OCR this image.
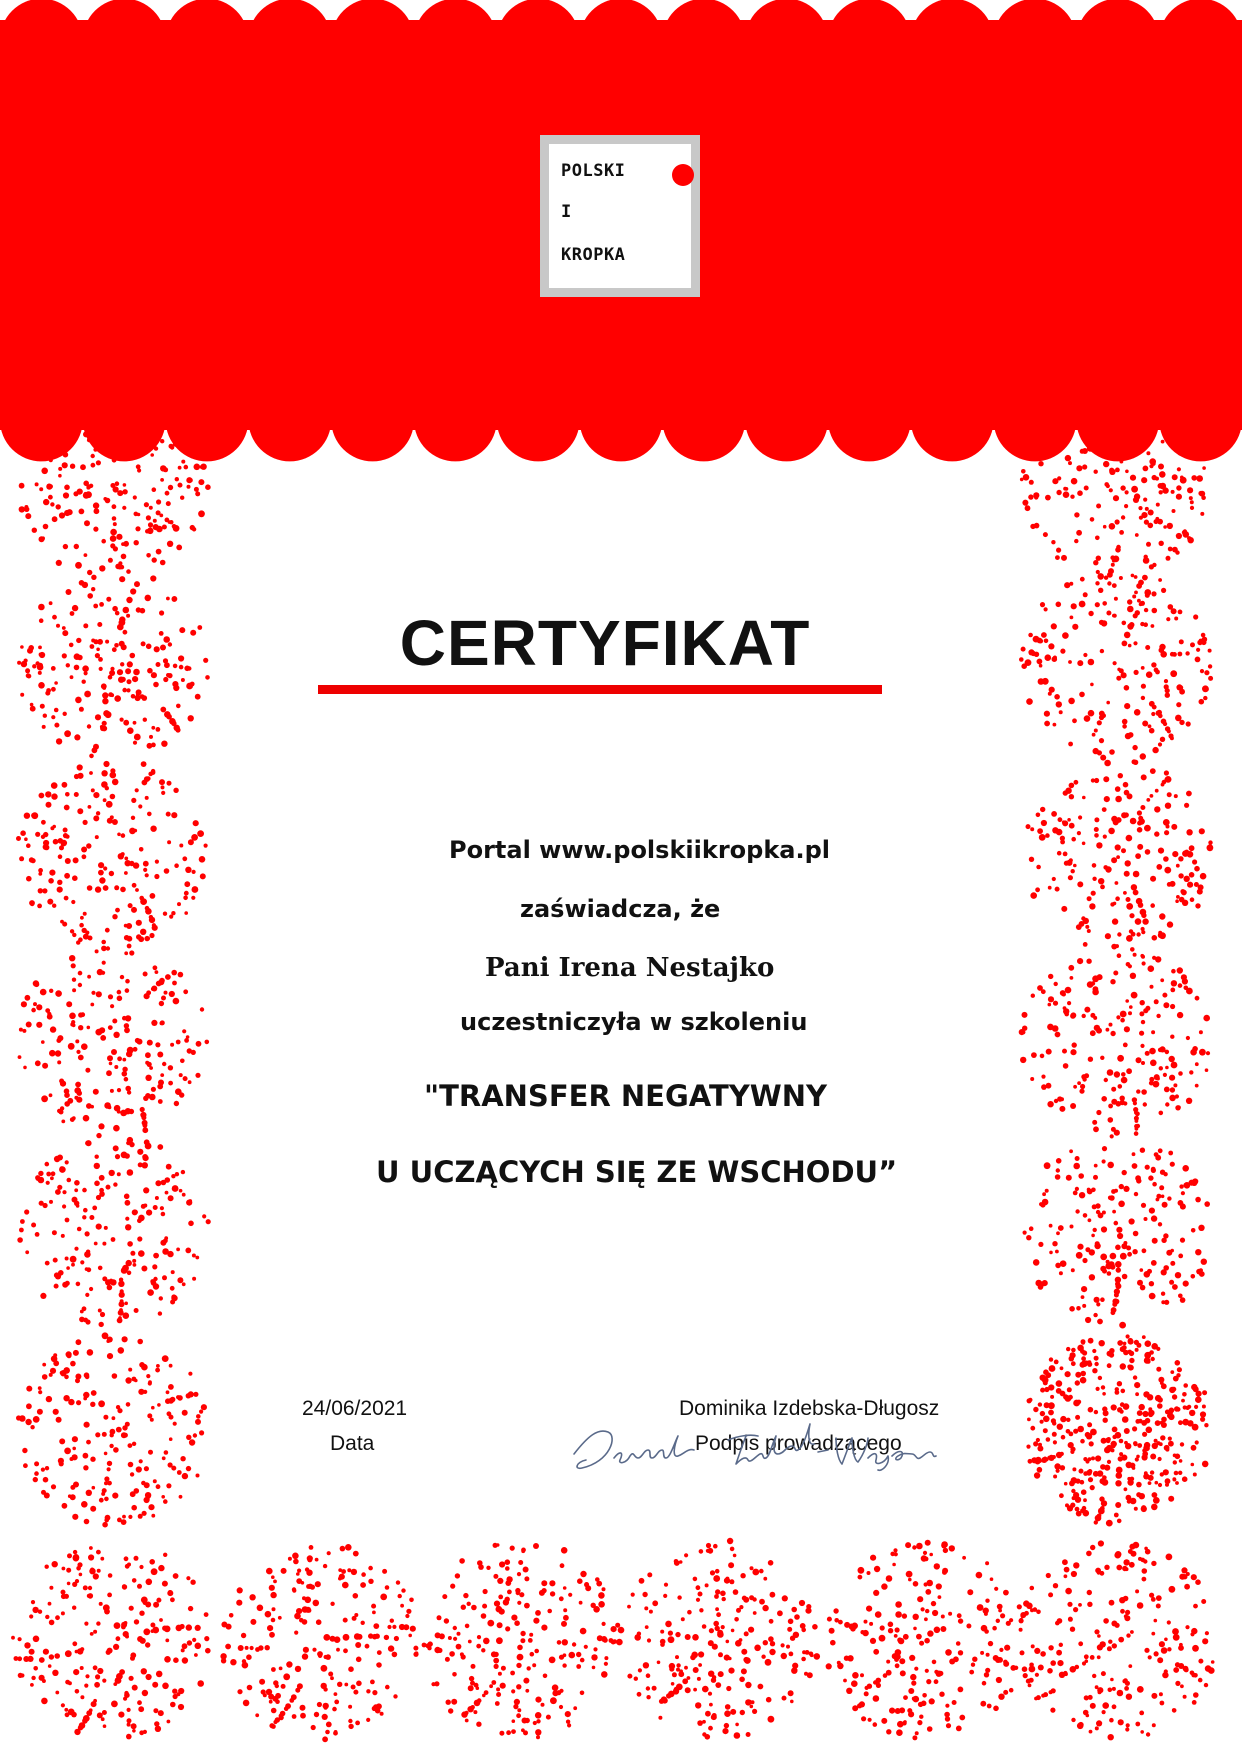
POLSKI
I
KROPKA
CERTYFIKAT
Portal www.polskiikropka.pl
zaświadcza, że
Pani Irena Nestajko
uczestniczyła w szkoleniu
"TRANSFER NEGATYWNY
U UCZĄCYCH SIĘ ZE WSCHODU”
24/06/2021
Data
Dominika Izdebska-Długosz
Podpis prowadzącego
